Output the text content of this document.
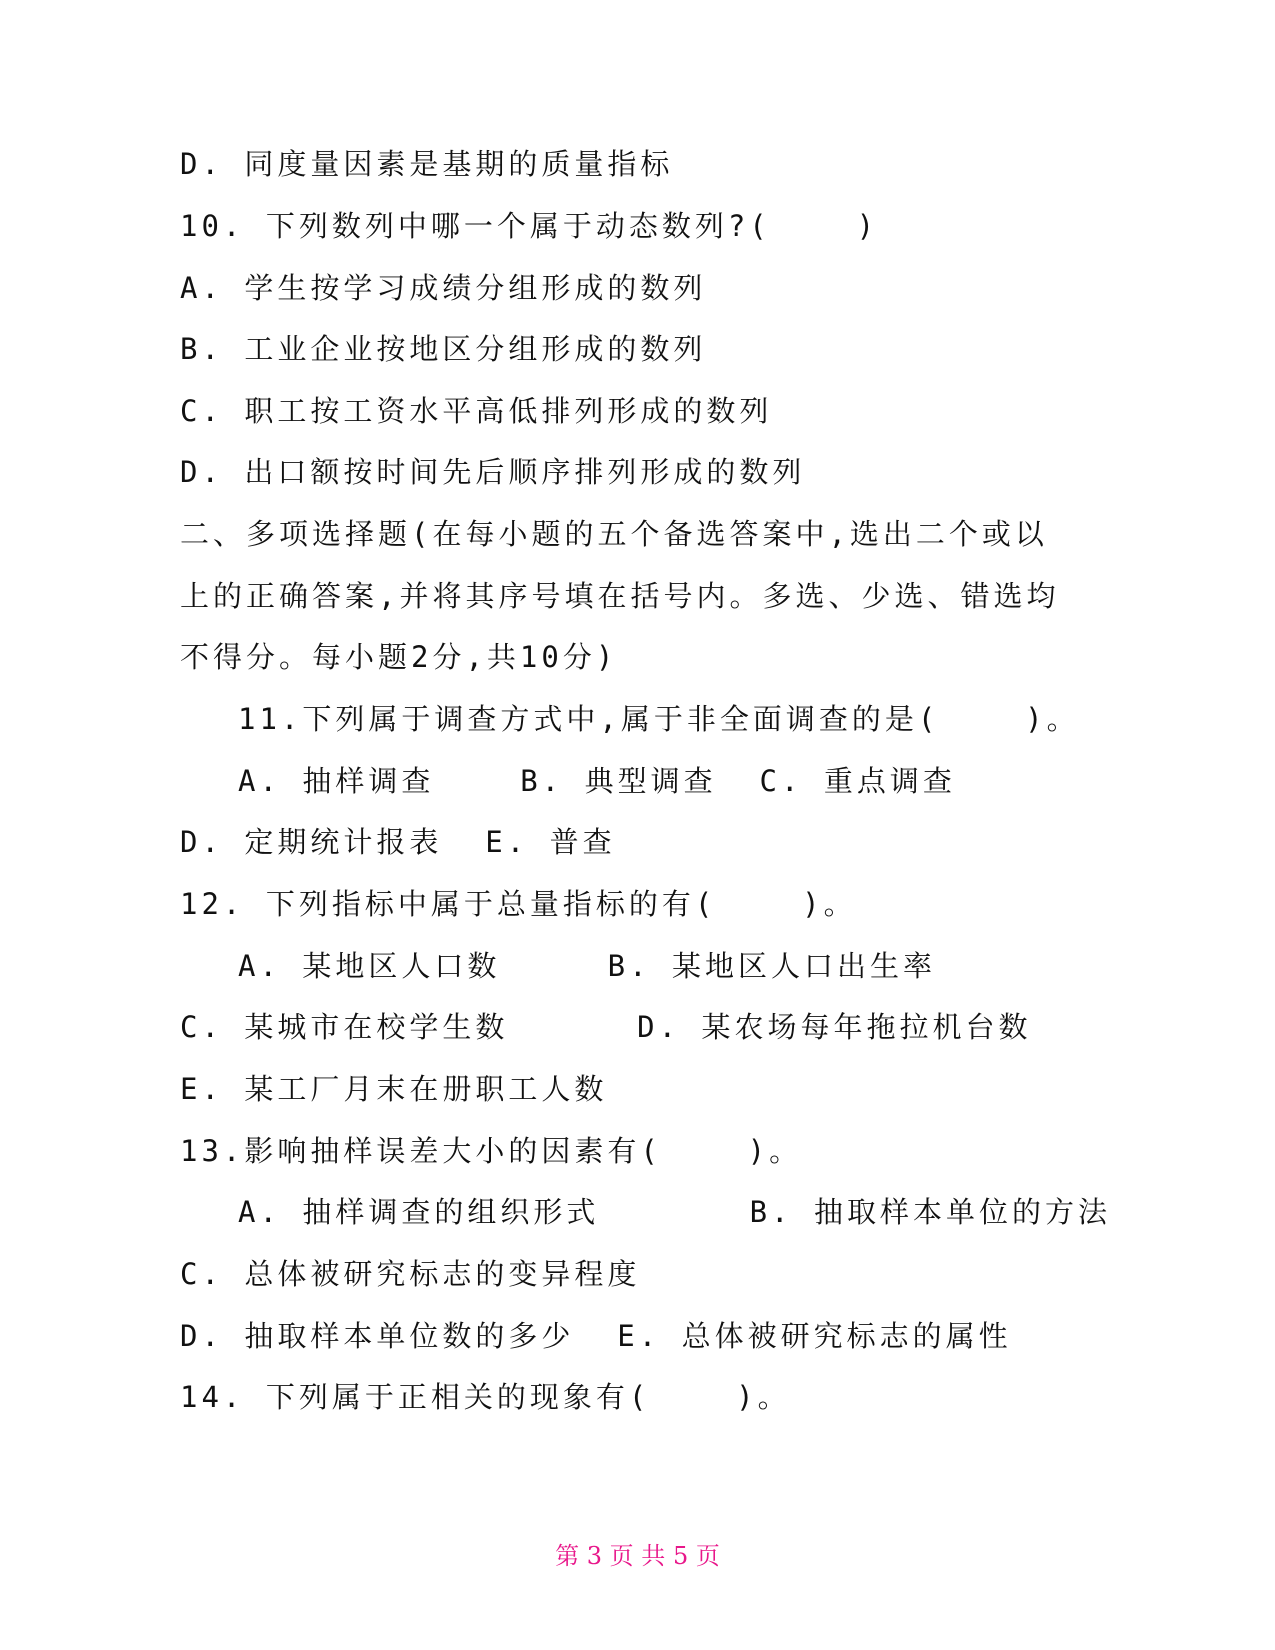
D. 同度量因素是基期的质量指标
10. 下列数列中哪一个属于动态数列?(    )
A. 学生按学习成绩分组形成的数列
B. 工业企业按地区分组形成的数列
C. 职工按工资水平高低排列形成的数列
D. 出口额按时间先后顺序排列形成的数列
二、多项选择题(在每小题的五个备选答案中,选出二个或以
上的正确答案,并将其序号填在括号内。多选、少选、错选均
不得分。每小题2分,共10分)
11.下列属于调查方式中,属于非全面调查的是(    )。
A. 抽样调查    B. 典型调查  C. 重点调查
D. 定期统计报表  E. 普查
12. 下列指标中属于总量指标的有(    )。
A. 某地区人口数     B. 某地区人口出生率
C. 某城市在校学生数      D. 某农场每年拖拉机台数
E. 某工厂月末在册职工人数
13.影响抽样误差大小的因素有(    )。
A. 抽样调查的组织形式       B. 抽取样本单位的方法
C. 总体被研究标志的变异程度
D. 抽取样本单位数的多少  E. 总体被研究标志的属性
14. 下列属于正相关的现象有(    )。
第 3 页 共 5 页
